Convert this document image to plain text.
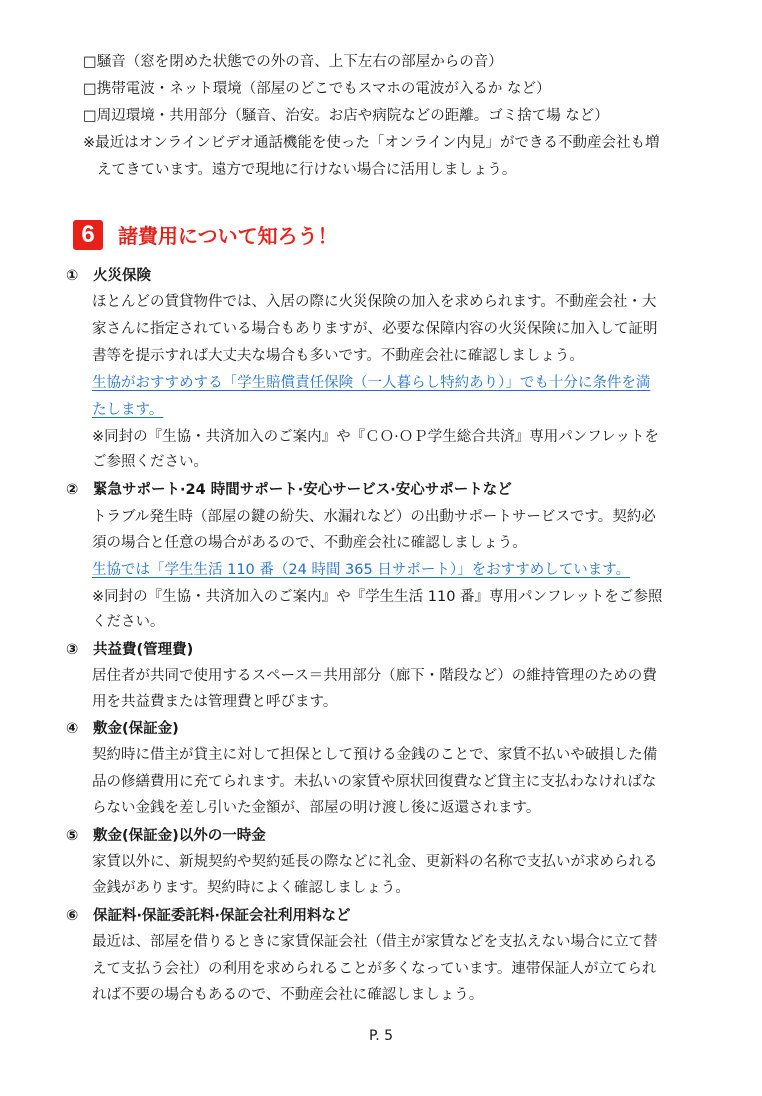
□騒音（窓を閉めた状態での外の音、上下左右の部屋からの音）
□携帯電波・ネット環境（部屋のどこでもスマホの電波が入るか など）
□周辺環境・共用部分（騒音、治安。お店や病院などの距離。ゴミ捨て場 など）
※最近はオンラインビデオ通話機能を使った「オンライン内見」ができる不動産会社も増
えてきています。遠方で現地に行けない場合に活用しましょう。
6	諸費用について知ろう！
① 火災保険
ほとんどの賃貸物件では、入居の際に火災保険の加入を求められます。不動産会社・大
家さんに指定されている場合もありますが、必要な保障内容の火災保険に加入して証明
書等を提示すれば大丈夫な場合も多いです。不動産会社に確認しましょう。
生協がおすすめする「学生賠償責任保険（一人暮らし特約あり）」でも十分に条件を満
たします。
※同封の『生協・共済加入のご案内』や『ＣＯ·ＯＰ学生総合共済』専用パンフレットを
ご参照ください。
② 緊急サポート·24 時間サポート·安心サービス·安心サポートなど
トラブル発生時（部屋の鍵の紛失、水漏れなど）の出動サポートサービスです。契約必
須の場合と任意の場合があるので、不動産会社に確認しましょう。
生協では「学生生活 110 番（24 時間 365 日サポート）」をおすすめしています。
※同封の『生協・共済加入のご案内』や『学生生活 110 番』専用パンフレットをご参照
ください。
③ 共益費(管理費)
居住者が共同で使用するスペース＝共用部分（廊下・階段など）の維持管理のための費
用を共益費または管理費と呼びます。
④ 敷金(保証金)
契約時に借主が貸主に対して担保として預ける金銭のことで、家賃不払いや破損した備
品の修繕費用に充てられます。未払いの家賃や原状回復費など貸主に支払わなければな
らない金銭を差し引いた金額が、部屋の明け渡し後に返還されます。
⑤ 敷金(保証金)以外の一時金
家賃以外に、新規契約や契約延長の際などに礼金、更新料の名称で支払いが求められる
金銭があります。契約時によく確認しましょう。
⑥ 保証料·保証委託料·保証会社利用料など
最近は、部屋を借りるときに家賃保証会社（借主が家賃などを支払えない場合に立て替
えて支払う会社）の利用を求められることが多くなっています。連帯保証人が立てられ
れば不要の場合もあるので、不動産会社に確認しましょう。
P. 5
